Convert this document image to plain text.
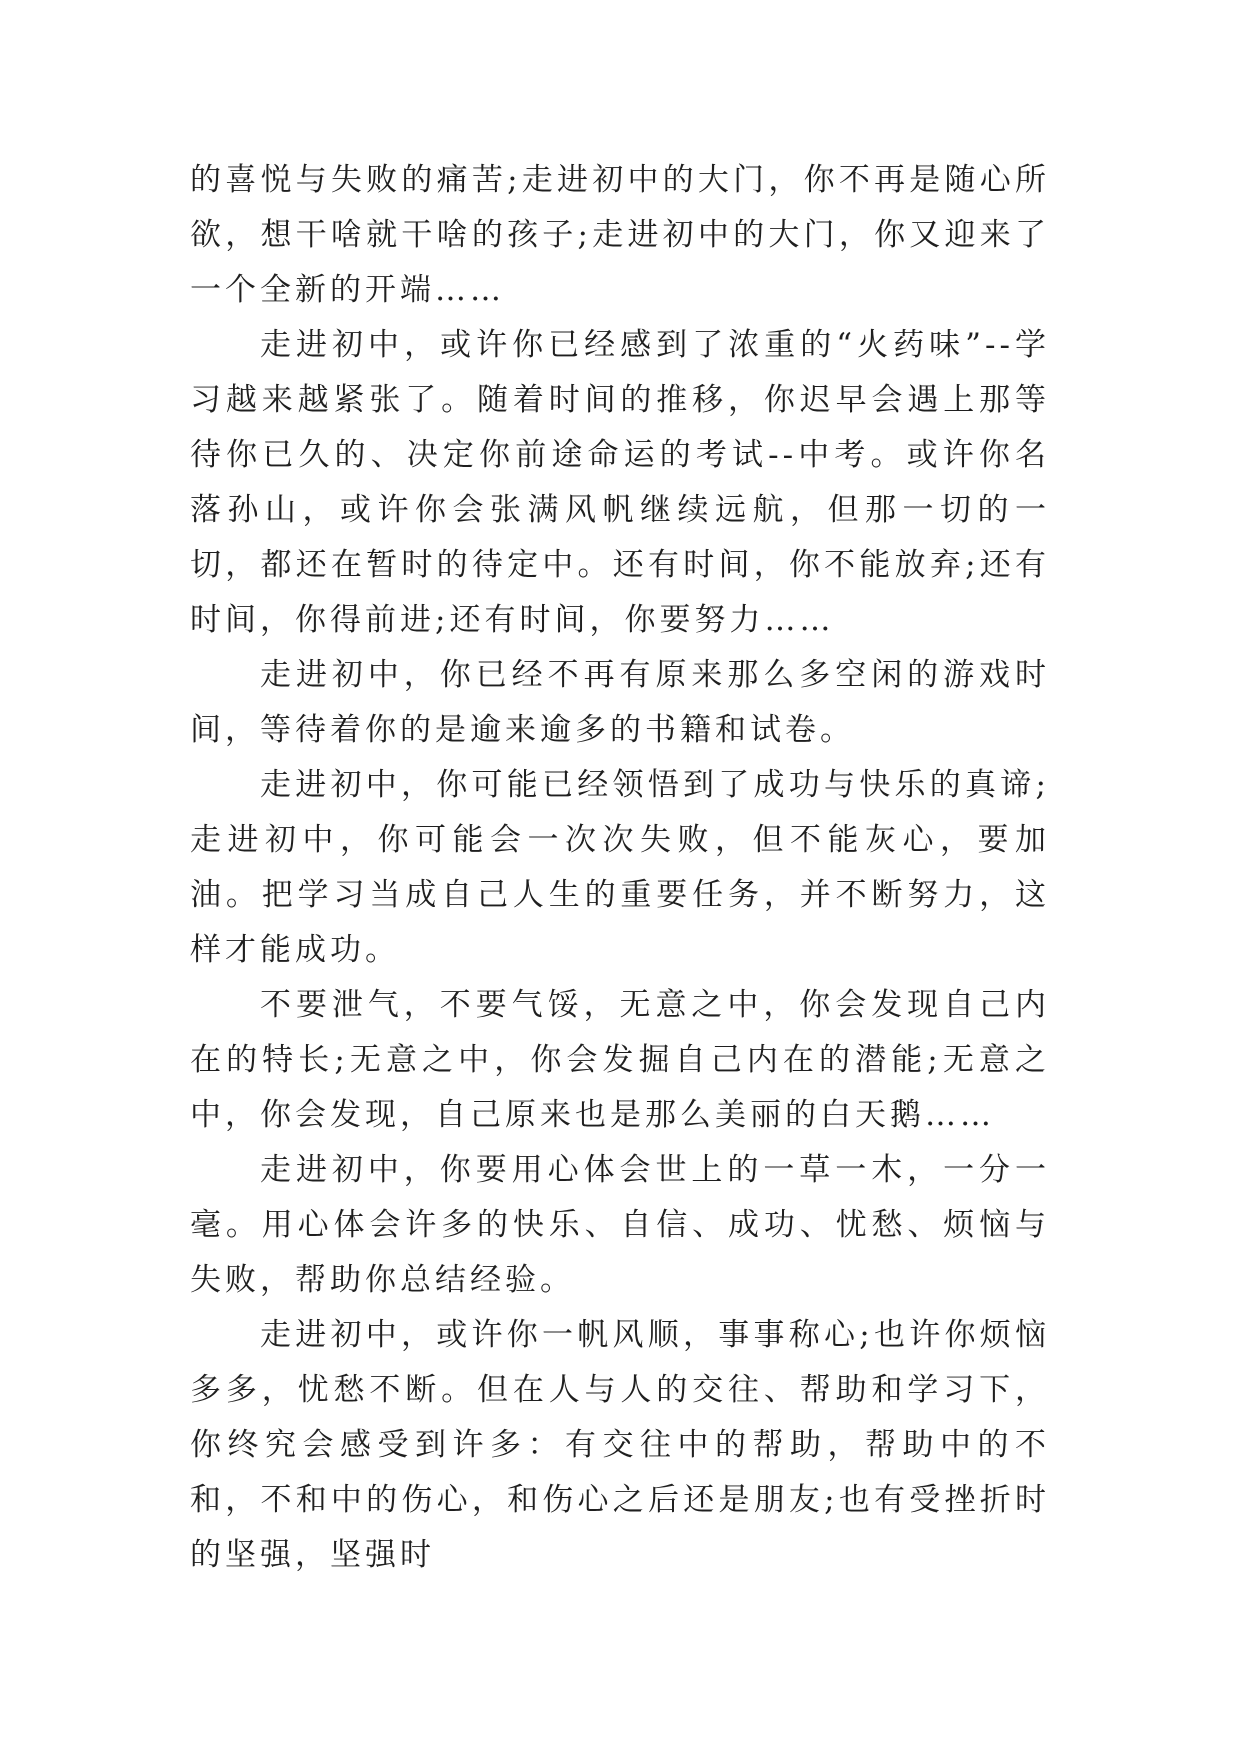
的喜悦与失败的痛苦;走进初中的大门，你不再是随心所欲，想干啥就干啥的孩子;走进初中的大门，你又迎来了一个全新的开端……

走进初中，或许你已经感到了浓重的“火药味”--学习越来越紧张了。随着时间的推移，你迟早会遇上那等待你已久的、决定你前途命运的考试--中考。或许你名落孙山，或许你会张满风帆继续远航，但那一切的一切，都还在暂时的待定中。还有时间，你不能放弃;还有时间，你得前进;还有时间，你要努力……

走进初中，你已经不再有原来那么多空闲的游戏时间，等待着你的是逾来逾多的书籍和试卷。

走进初中，你可能已经领悟到了成功与快乐的真谛;走进初中，你可能会一次次失败，但不能灰心，要加油。把学习当成自己人生的重要任务，并不断努力，这样才能成功。

不要泄气，不要气馁，无意之中，你会发现自己内在的特长;无意之中，你会发掘自己内在的潜能;无意之中，你会发现，自己原来也是那么美丽的白天鹅……

走进初中，你要用心体会世上的一草一木，一分一毫。用心体会许多的快乐、自信、成功、忧愁、烦恼与失败，帮助你总结经验。

走进初中，或许你一帆风顺，事事称心;也许你烦恼多多，忧愁不断。但在人与人的交往、帮助和学习下，你终究会感受到许多：有交往中的帮助，帮助中的不和，不和中的伤心，和伤心之后还是朋友;也有受挫折时的坚强，坚强时
